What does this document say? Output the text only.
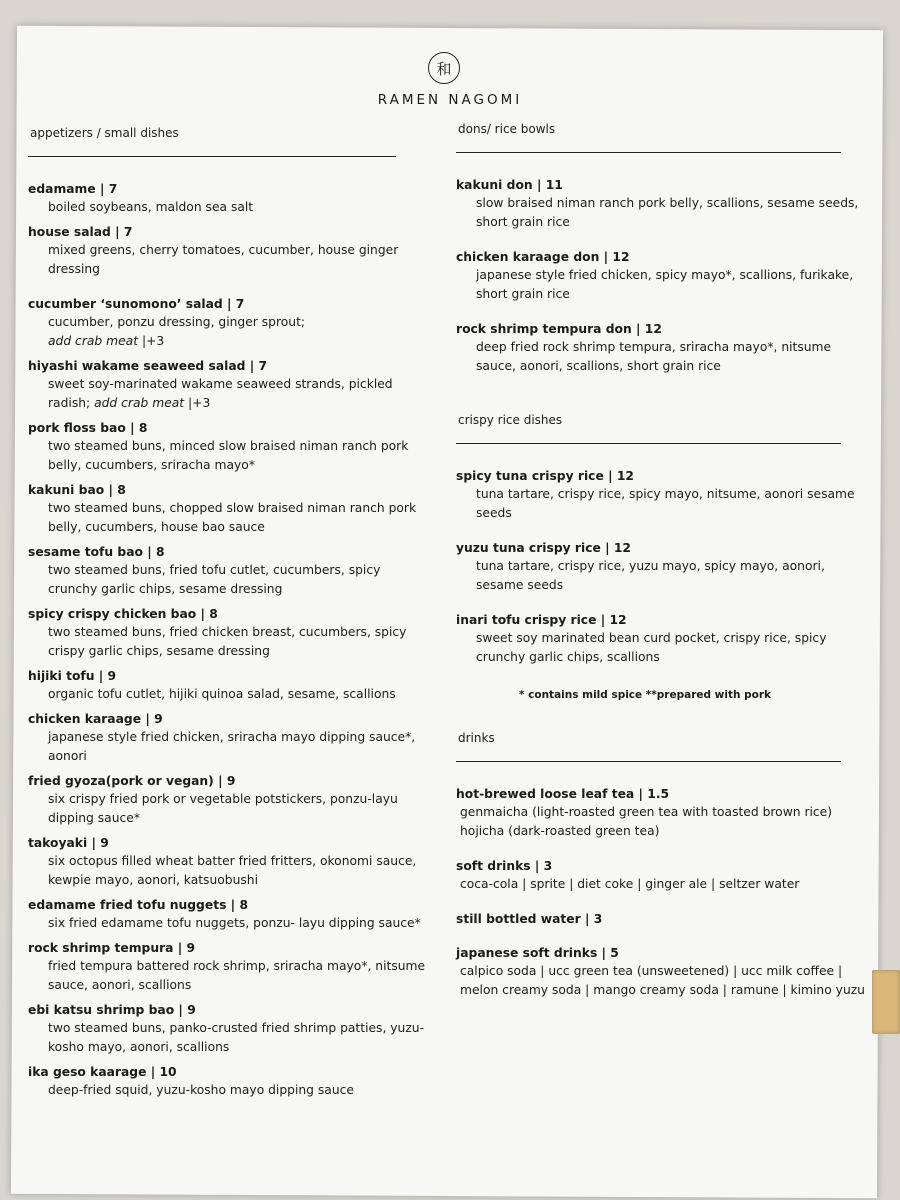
和
RAMEN NAGOMI
appetizers / small dishes
edamame | 7
boiled soybeans, maldon sea salt
house salad | 7
mixed greens, cherry tomatoes, cucumber, house ginger dressing
cucumber ‘sunomono’ salad | 7
cucumber, ponzu dressing, ginger sprout;
add crab meat |+3
hiyashi wakame seaweed salad | 7
sweet soy-marinated wakame seaweed strands, pickled radish; add crab meat |+3
pork floss bao | 8
two steamed buns, minced slow braised niman ranch pork belly, cucumbers, sriracha mayo*
kakuni bao | 8
two steamed buns, chopped slow braised niman ranch pork belly, cucumbers, house bao sauce
sesame tofu bao | 8
two steamed buns, fried tofu cutlet, cucumbers, spicy crunchy garlic chips, sesame dressing
spicy crispy chicken bao | 8
two steamed buns, fried chicken breast, cucumbers, spicy crispy garlic chips, sesame dressing
hijiki tofu | 9
organic tofu cutlet, hijiki quinoa salad, sesame, scallions
chicken karaage | 9
japanese style fried chicken, sriracha mayo dipping sauce*, aonori
fried gyoza(pork or vegan) | 9
six crispy fried pork or vegetable potstickers, ponzu-layu dipping sauce*
takoyaki | 9
six octopus filled wheat batter fried fritters, okonomi sauce, kewpie mayo, aonori, katsuobushi
edamame fried tofu nuggets | 8
six fried edamame tofu nuggets, ponzu- layu dipping sauce*
rock shrimp tempura | 9
fried tempura battered rock shrimp, sriracha mayo*, nitsume sauce, aonori, scallions
ebi katsu shrimp bao | 9
two steamed buns, panko-crusted fried shrimp patties, yuzu-kosho mayo, aonori, scallions
ika geso kaarage | 10
deep-fried squid, yuzu-kosho mayo dipping sauce
dons/ rice bowls
kakuni don | 11
slow braised niman ranch pork belly, scallions, sesame seeds, short grain rice
chicken karaage don | 12
japanese style fried chicken, spicy mayo*, scallions, furikake, short grain rice
rock shrimp tempura don | 12
deep fried rock shrimp tempura, sriracha mayo*, nitsume sauce, aonori, scallions, short grain rice
crispy rice dishes
spicy tuna crispy rice | 12
tuna tartare, crispy rice, spicy mayo, nitsume, aonori sesame seeds
yuzu tuna crispy rice | 12
tuna tartare, crispy rice, yuzu mayo, spicy mayo, aonori, sesame seeds
inari tofu crispy rice | 12
sweet soy marinated bean curd pocket, crispy rice, spicy crunchy garlic chips, scallions
* contains mild spice **prepared with pork
drinks
hot-brewed loose leaf tea | 1.5
genmaicha (light-roasted green tea with toasted brown rice)
hojicha (dark-roasted green tea)
soft drinks | 3
coca-cola | sprite | diet coke | ginger ale | seltzer water
still bottled water | 3
japanese soft drinks | 5
calpico soda | ucc green tea (unsweetened) | ucc milk coffee |
melon creamy soda | mango creamy soda | ramune | kimino yuzu
